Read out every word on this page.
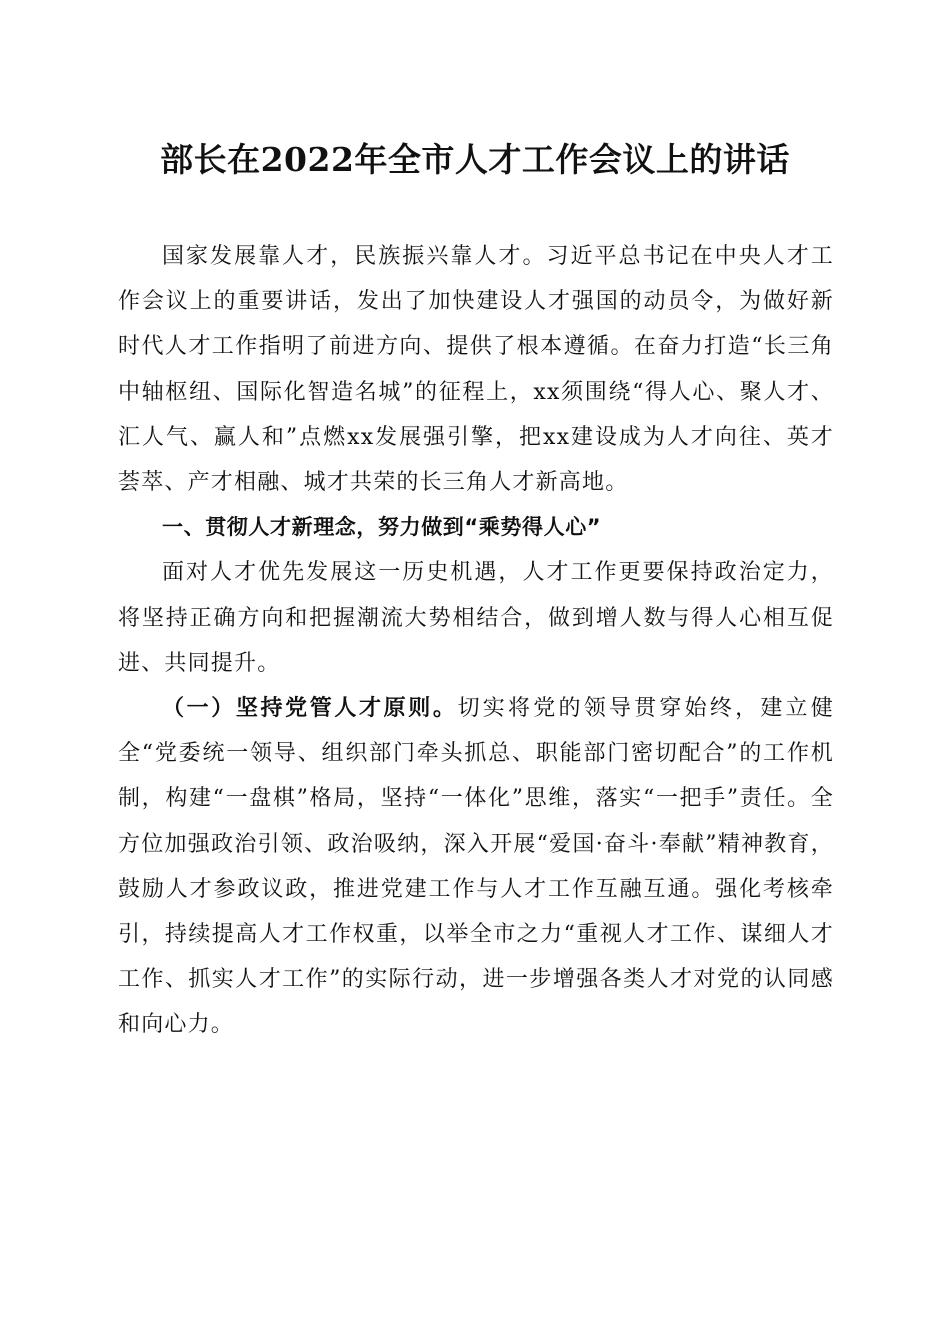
部长在2022年全市人才工作会议上的讲话

国家发展靠人才，民族振兴靠人才。习近平总书记在中央人才工作会议上的重要讲话，发出了加快建设人才强国的动员令，为做好新时代人才工作指明了前进方向、提供了根本遵循。在奋力打造“长三角中轴枢纽、国际化智造名城”的征程上，xx须围绕“得人心、聚人才、汇人气、赢人和”点燃xx发展强引擎，把xx建设成为人才向往、英才荟萃、产才相融、城才共荣的长三角人才新高地。

一、贯彻人才新理念，努力做到“乘势得人心”

面对人才优先发展这一历史机遇，人才工作更要保持政治定力，将坚持正确方向和把握潮流大势相结合，做到增人数与得人心相互促进、共同提升。

（一）坚持党管人才原则。切实将党的领导贯穿始终，建立健全“党委统一领导、组织部门牵头抓总、职能部门密切配合”的工作机制，构建“一盘棋”格局，坚持“一体化”思维，落实“一把手”责任。全方位加强政治引领、政治吸纳，深入开展“爱国·奋斗·奉献”精神教育，鼓励人才参政议政，推进党建工作与人才工作互融互通。强化考核牵引，持续提高人才工作权重，以举全市之力“重视人才工作、谋细人才工作、抓实人才工作”的实际行动，进一步增强各类人才对党的认同感和向心力。
